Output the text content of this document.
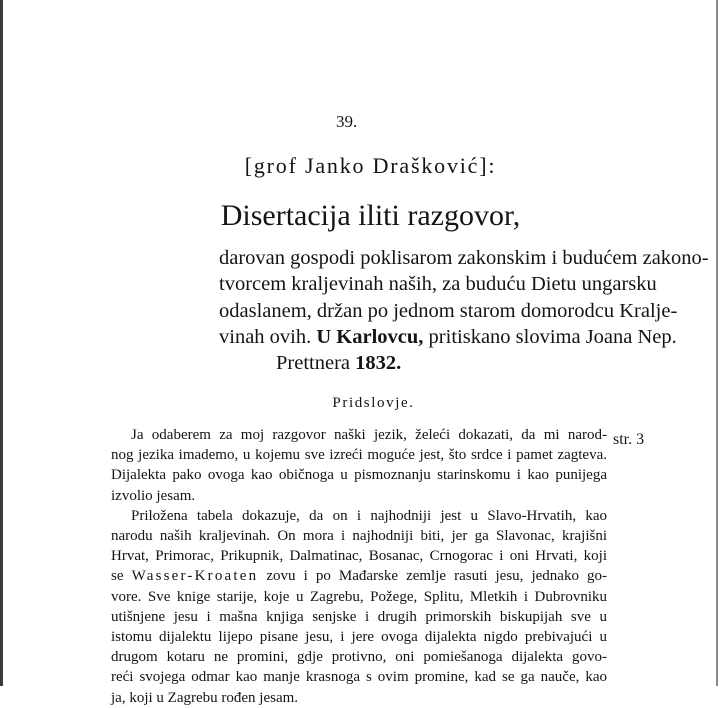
39.
[grof Janko Drašković]:
Disertacija iliti razgovor,
darovan gospodi poklisarom zakonskim i budućem zakono-
tvorcem kraljevinah naših, za buduću Dietu ungarsku
odaslanem, držan po jednom starom domorodcu Kralje-
vinah ovih. U Karlovcu, pritiskano slovima Joana Nep.
Prettnera 1832.
Pridslovje.
str. 3
Ja odaberem za moj razgovor naški jezik, želeći dokazati, da mi narod-
nog jezika imademo, u kojemu sve izreći moguće jest, što srdce i pamet zagteva.
Dijalekta pako ovoga kao običnoga u pismoznanju starinskomu i kao punijega
izvolio jesam.
Priložena tabela dokazuje, da on i najhodniji jest u Slavo-Hrvatih, kao
narodu naših kraljevinah. On mora i najhodniji biti, jer ga Slavonac, krajišni
Hrvat, Primorac, Prikupnik, Dalmatinac, Bosanac, Crnogorac i oni Hrvati, koji
se Wasser-Kroaten zovu i po Mađarske zemlje rasuti jesu, jednako go-
vore. Sve knige starije, koje u Zagrebu, Požege, Splitu, Mletkih i Dubrovniku
utišnjene jesu i mašna knjiga senjske i drugih primorskih biskupijah sve u
istomu dijalektu lijepo pisane jesu, i jere ovoga dijalekta nigdo prebivajući u
drugom kotaru ne promini, gdje protivno, oni pomiešanoga dijalekta govo-
reći svojega odmar kao manje krasnoga s ovim promine, kad se ga nauče, kao
ja, koji u Zagrebu rođen jesam.
